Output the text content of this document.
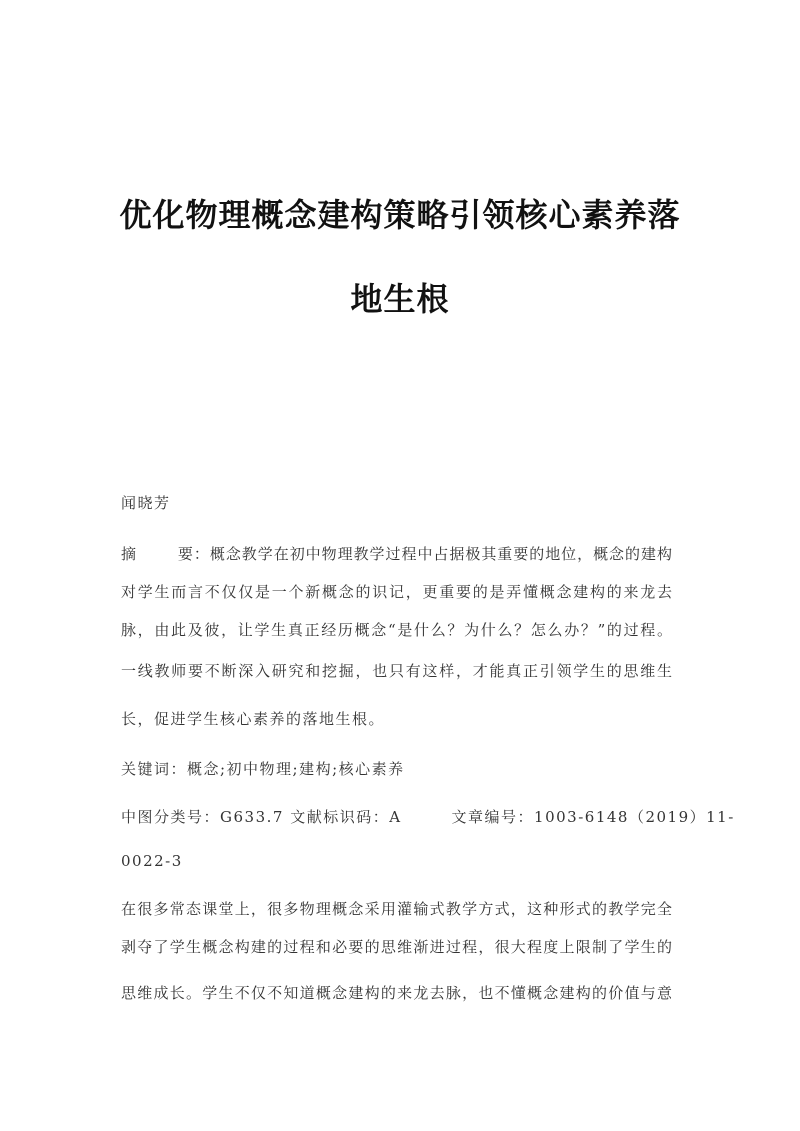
优化物理概念建构策略引领核心素养落
地生根
闻晓芳
摘	要：概念教学在初中物理教学过程中占据极其重要的地位，概念的建构
对学生而言不仅仅是一个新概念的识记，更重要的是弄懂概念建构的来龙去
脉，由此及彼，让学生真正经历概念“是什么？为什么？怎么办？”的过程。
一线教师要不断深入研究和挖掘，也只有这样，才能真正引领学生的思维生
长，促进学生核心素养的落地生根。
关键词：概念;初中物理;建构;核心素养
中图分类号：G633.7 文献标识码：A	文章编号：1003-6148（2019）11-
0022-3
在很多常态课堂上，很多物理概念采用灌输式教学方式，这种形式的教学完全
剥夺了学生概念构建的过程和必要的思维渐进过程，很大程度上限制了学生的
思维成长。学生不仅不知道概念建构的来龙去脉，也不懂概念建构的价值与意
